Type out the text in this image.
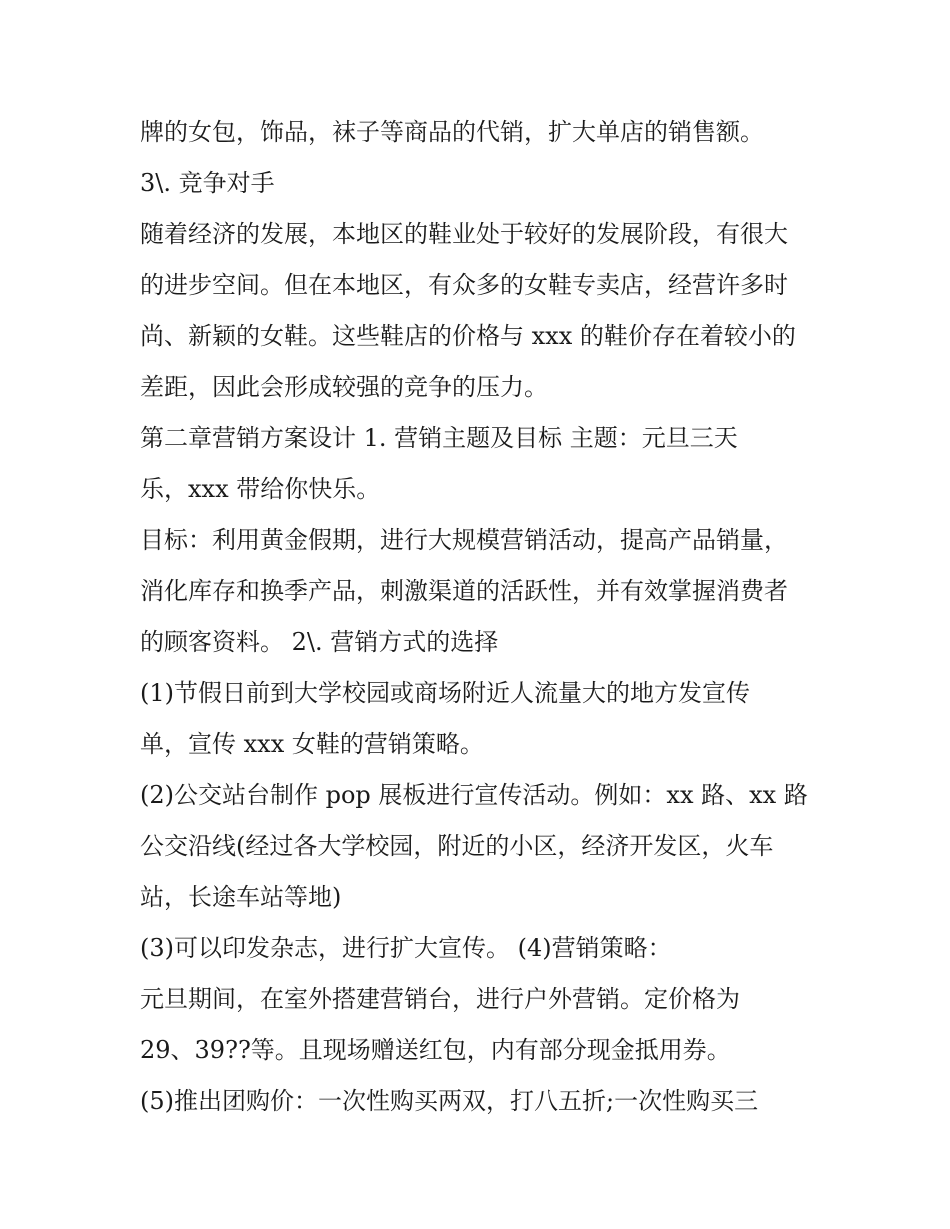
牌的女包，饰品，袜子等商品的代销，扩大单店的销售额。

3\. 竞争对手

随着经济的发展，本地区的鞋业处于较好的发展阶段，有很大

的进步空间。但在本地区，有众多的女鞋专卖店，经营许多时

尚、新颖的女鞋。这些鞋店的价格与 xxx 的鞋价存在着较小的

差距，因此会形成较强的竞争的压力。

第二章营销方案设计 1. 营销主题及目标 主题：元旦三天

乐，xxx 带给你快乐。

目标：利用黄金假期，进行大规模营销活动，提高产品销量，

消化库存和换季产品，刺激渠道的活跃性，并有效掌握消费者

的顾客资料。 2\. 营销方式的选择

(1)节假日前到大学校园或商场附近人流量大的地方发宣传

单，宣传 xxx 女鞋的营销策略。

(2)公交站台制作 pop 展板进行宣传活动。例如：xx 路、xx 路

公交沿线(经过各大学校园，附近的小区，经济开发区，火车

站，长途车站等地)

(3)可以印发杂志，进行扩大宣传。 (4)营销策略：

元旦期间，在室外搭建营销台，进行户外营销。定价格为

29、39??等。且现场赠送红包，内有部分现金抵用券。

(5)推出团购价：一次性购买两双，打八五折;一次性购买三
